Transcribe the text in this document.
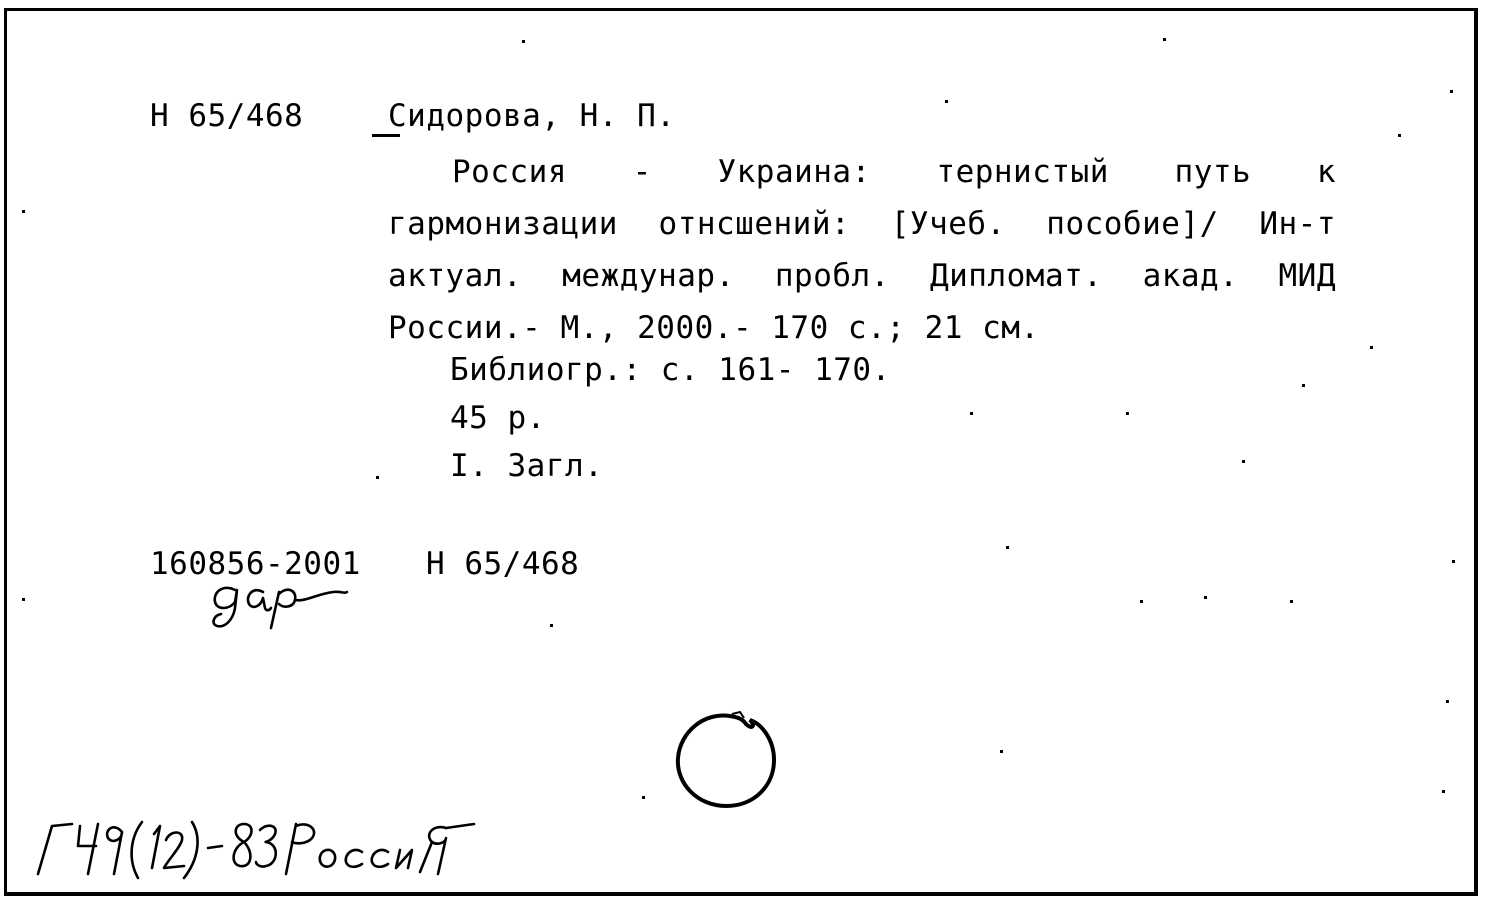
Н 65/468	Сидорова, Н. П.
Россия - Украина: тернистый путь к гармонизации отнсшений: [Учеб. пособие]/ Ин-т актуал. междунар. пробл. Дипломат. акад. МИД России.- М., 2000.- 170 с.; 21 см.
Библиогр.: с. 161- 170.
45 р.
I. Загл.
160856-2001 Н 65/468
